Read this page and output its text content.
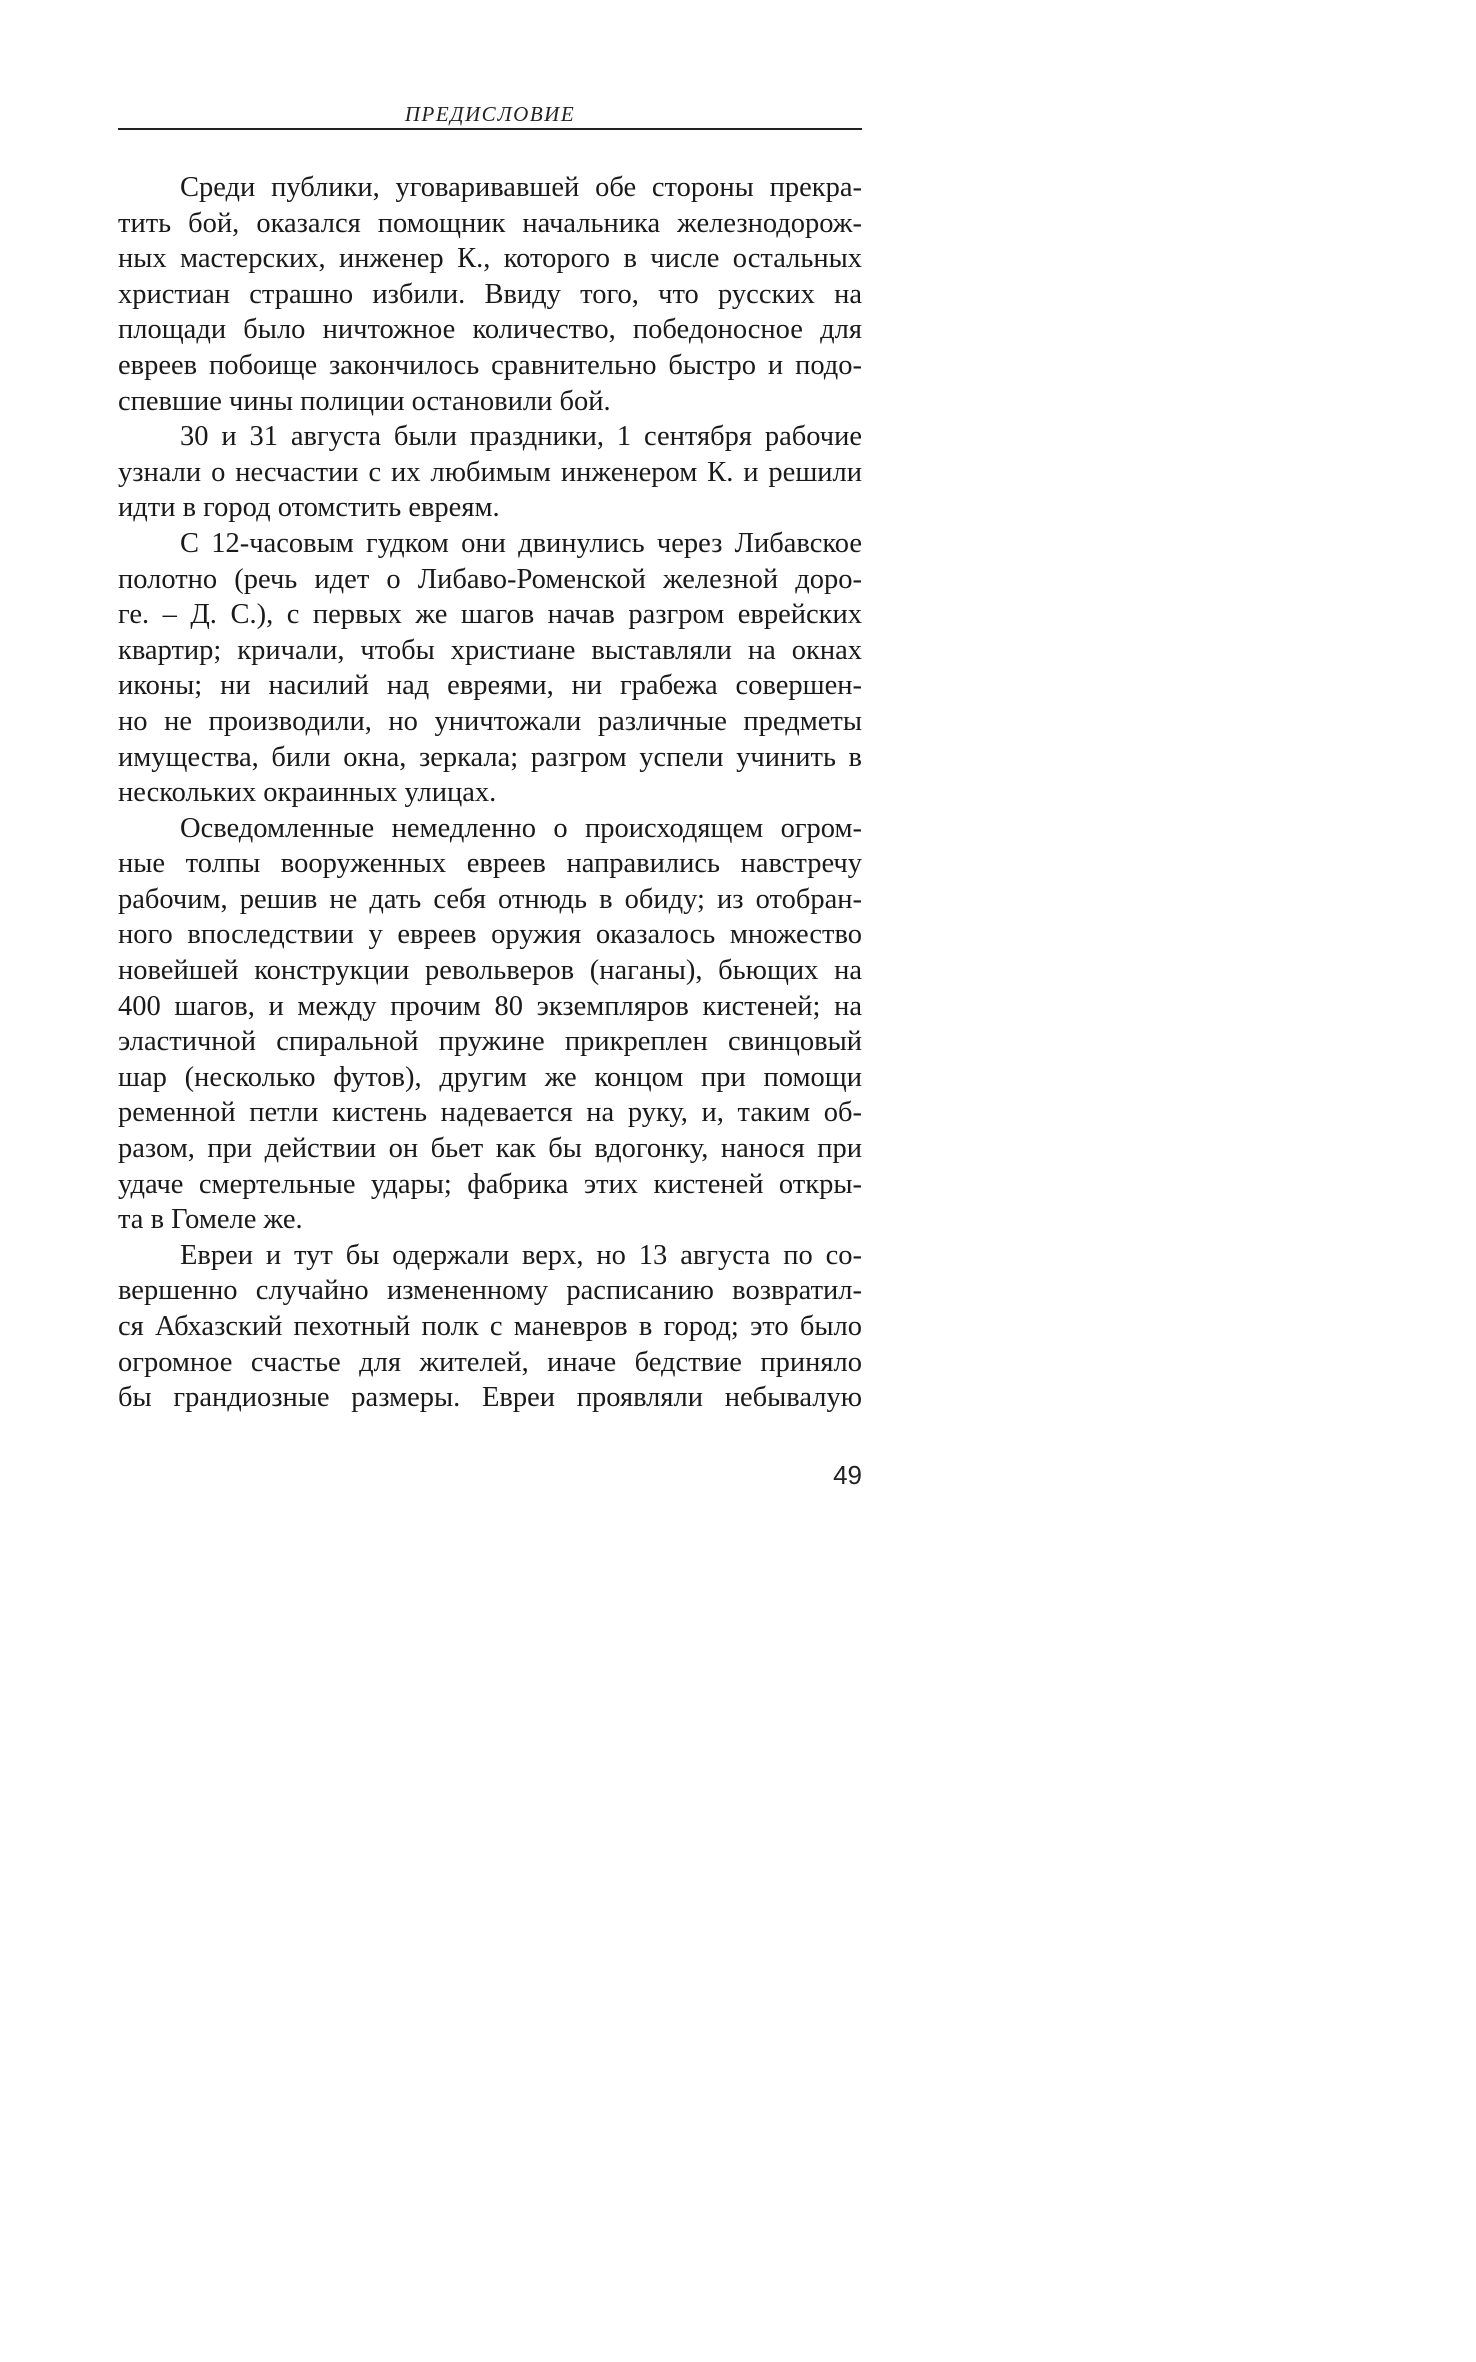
ПРЕДИСЛОВИЕ

Среди публики, уговаривавшей обе стороны прекра-
тить бой, оказался помощник начальника железнодорож-
ных мастерских, инженер К., которого в числе остальных
христиан страшно избили. Ввиду того, что русских на
площади было ничтожное количество, победоносное для
евреев побоище закончилось сравнительно быстро и подо-
спевшие чины полиции остановили бой.

30 и 31 августа были праздники, 1 сентября рабочие
узнали о несчастии с их любимым инженером К. и решили
идти в город отомстить евреям.

С 12-часовым гудком они двинулись через Либавское
полотно (речь идет о Либаво-Роменской железной доро-
ге. – Д. С.), с первых же шагов начав разгром еврейских
квартир; кричали, чтобы христиане выставляли на окнах
иконы; ни насилий над евреями, ни грабежа совершен-
но не производили, но уничтожали различные предметы
имущества, били окна, зеркала; разгром успели учинить в
нескольких окраинных улицах.

Осведомленные немедленно о происходящем огром-
ные толпы вооруженных евреев направились навстречу
рабочим, решив не дать себя отнюдь в обиду; из отобран-
ного впоследствии у евреев оружия оказалось множество
новейшей конструкции револьверов (наганы), бьющих на
400 шагов, и между прочим 80 экземпляров кистеней; на
эластичной спиральной пружине прикреплен свинцовый
шар (несколько футов), другим же концом при помощи
ременной петли кистень надевается на руку, и, таким об-
разом, при действии он бьет как бы вдогонку, нанося при
удаче смертельные удары; фабрика этих кистеней откры-
та в Гомеле же.

Евреи и тут бы одержали верх, но 13 августа по со-
вершенно случайно измененному расписанию возвратил-
ся Абхазский пехотный полк с маневров в город; это было
огромное счастье для жителей, иначе бедствие приняло
бы грандиозные размеры. Евреи проявляли небывалую

49
